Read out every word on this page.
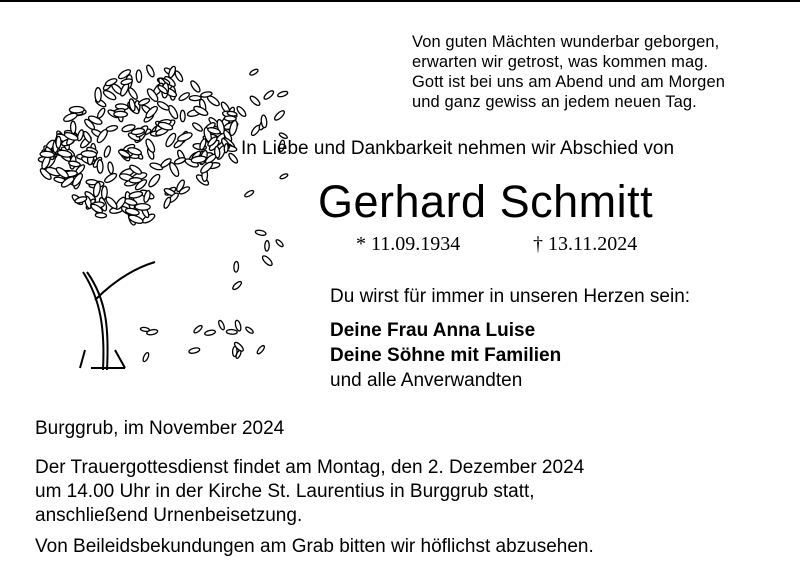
Von guten Mächten wunderbar geborgen,
erwarten wir getrost, was kommen mag.
Gott ist bei uns am Abend und am Morgen
und ganz gewiss an jedem neuen Tag.
In Liebe und Dankbarkeit nehmen wir Abschied von
Gerhard Schmitt
* 11.09.1934	† 13.11.2024
Du wirst für immer in unseren Herzen sein:
Deine Frau Anna Luise
Deine Söhne mit Familien
und alle Anverwandten
Burggrub, im November 2024
Der Trauergottesdienst findet am Montag, den 2. Dezember 2024
um 14.00 Uhr in der Kirche St. Laurentius in Burggrub statt,
anschließend Urnenbeisetzung.
Von Beileidsbekundungen am Grab bitten wir höflichst abzusehen.
